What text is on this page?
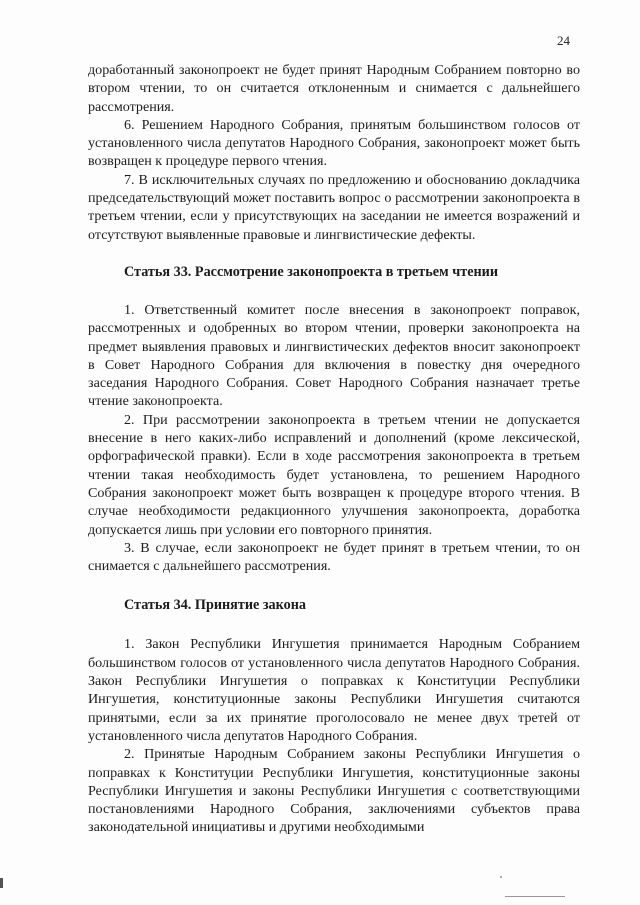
24

доработанный законопроект не будет принят Народным Собранием повторно во втором чтении, то он считается отклоненным и снимается с дальнейшего рассмотрения.

6. Решением Народного Собрания, принятым большинством голосов от установленного числа депутатов Народного Собрания, законопроект может быть возвращен к процедуре первого чтения.

7. В исключительных случаях по предложению и обоснованию докладчика председательствующий может поставить вопрос о рассмотрении законопроекта в третьем чтении, если у присутствующих на заседании не имеется возражений и отсутствуют выявленные правовые и лингвистические дефекты.

Статья 33. Рассмотрение законопроекта в третьем чтении

1. Ответственный комитет после внесения в законопроект поправок, рассмотренных и одобренных во втором чтении, проверки законопроекта на предмет выявления правовых и лингвистических дефектов вносит законопроект в Совет Народного Собрания для включения в повестку дня очередного заседания Народного Собрания. Совет Народного Собрания назначает третье чтение законопроекта.

2. При рассмотрении законопроекта в третьем чтении не допускается внесение в него каких-либо исправлений и дополнений (кроме лексической, орфографической правки). Если в ходе рассмотрения законопроекта в третьем чтении такая необходимость будет установлена, то решением Народного Собрания законопроект может быть возвращен к процедуре второго чтения. В случае необходимости редакционного улучшения законопроекта, доработка допускается лишь при условии его повторного принятия.

3. В случае, если законопроект не будет принят в третьем чтении, то он снимается с дальнейшего рассмотрения.

Статья 34. Принятие закона

1. Закон Республики Ингушетия принимается Народным Собранием большинством голосов от установленного числа депутатов Народного Собрания. Закон Республики Ингушетия о поправках к Конституции Республики Ингушетия, конституционные законы Республики Ингушетия считаются принятыми, если за их принятие проголосовало не менее двух третей от установленного числа депутатов Народного Собрания.

2. Принятые Народным Собранием законы Республики Ингушетия о поправках к Конституции Республики Ингушетия, конституционные законы Республики Ингушетия и законы Республики Ингушетия с соответствующими постановлениями Народного Собрания, заключениями субъектов права законодательной инициативы и другими необходимыми
